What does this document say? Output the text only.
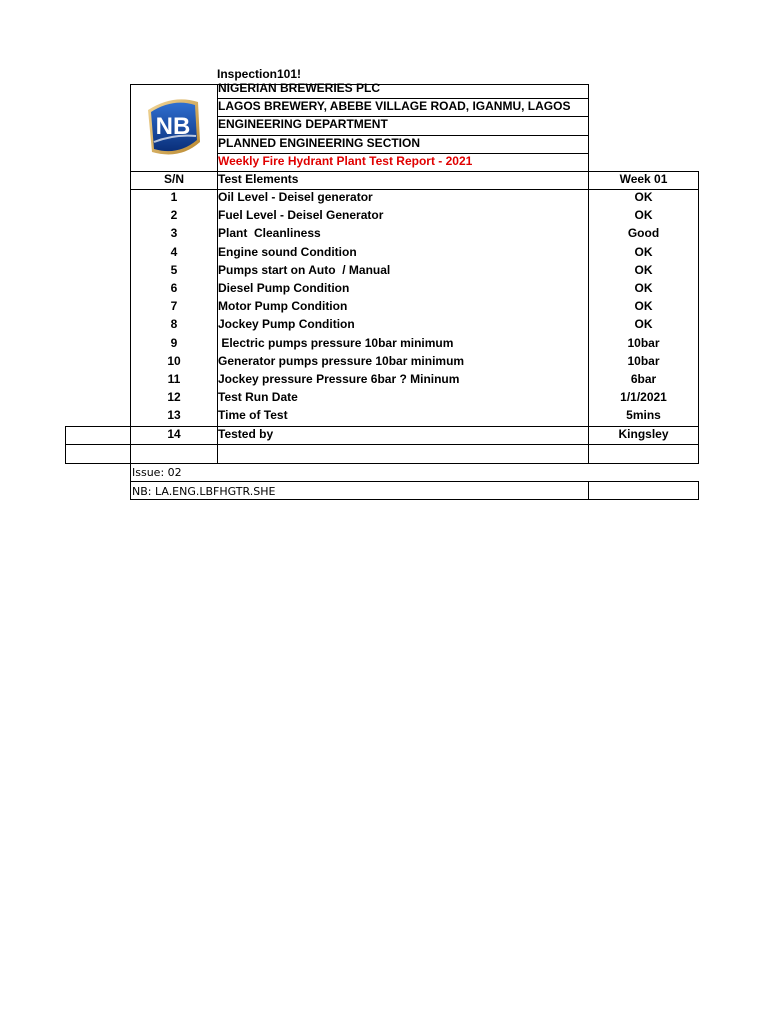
Inspection101!
NB
NIGERIAN BREWERIES PLC
LAGOS BREWERY, ABEBE VILLAGE ROAD, IGANMU, LAGOS
ENGINEERING DEPARTMENT
PLANNED ENGINEERING SECTION
Weekly Fire Hydrant Plant Test Report - 2021
S/N	Test Elements	Week 01
1	Oil Level - Deisel generator	OK
2	Fuel Level - Deisel Generator	OK
3	Plant  Cleanliness	Good
4	Engine sound Condition	OK
5	Pumps start on Auto  / Manual	OK
6	Diesel Pump Condition	OK
7	Motor Pump Condition	OK
8	Jockey Pump Condition	OK
9	Electric pumps pressure 10bar minimum	10bar
10	Generator pumps pressure 10bar minimum	10bar
11	Jockey pressure Pressure 6bar ? Mininum	6bar
12	Test Run Date	1/1/2021
13	Time of Test	5mins
14	Tested by	Kingsley
Issue: 02
NB: LA.ENG.LBFHGTR.SHE
